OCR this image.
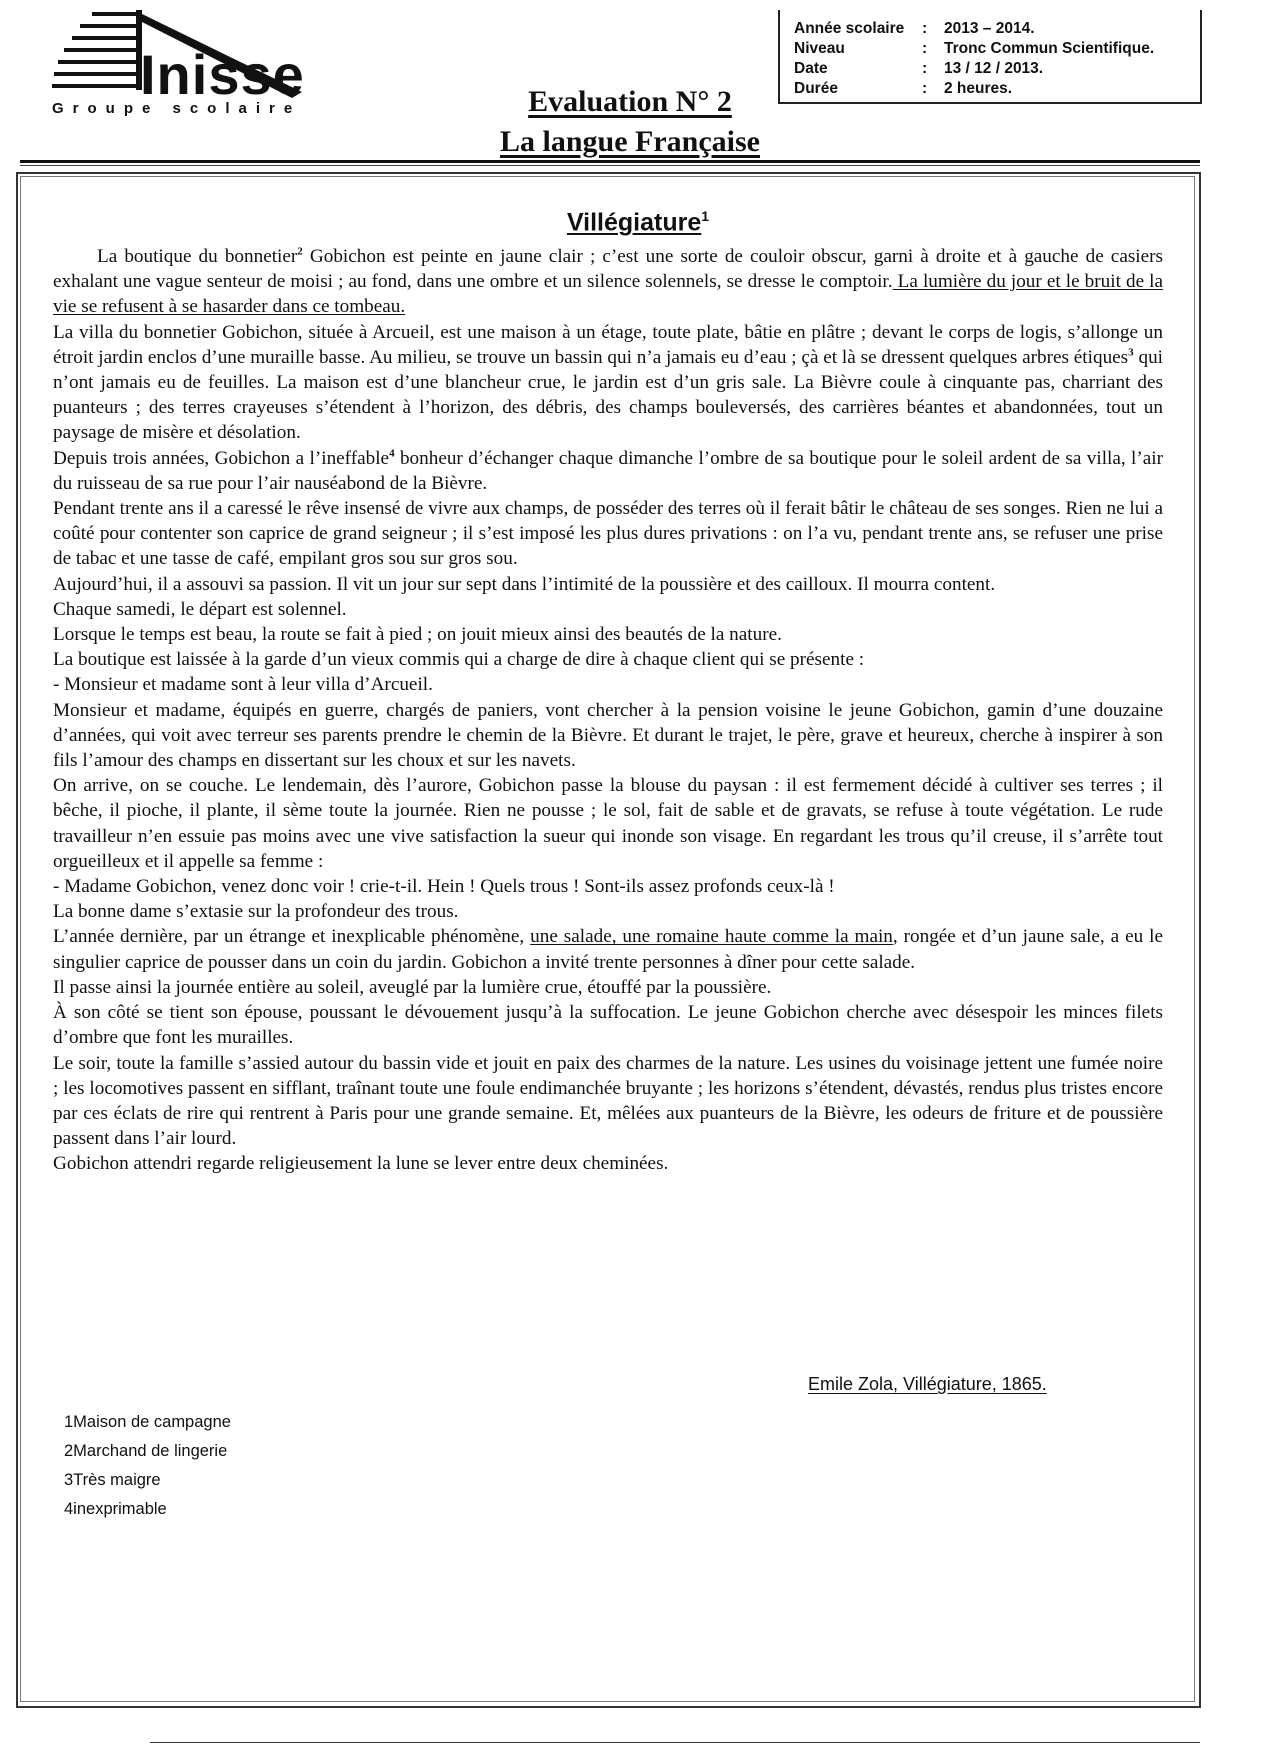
Inisse
Groupe scolaire	Evaluation N° 2
La langue Française
Année scolaire : 2013 – 2014.
Niveau	: Tronc Commun Scientifique.
Date	: 13 / 12 / 2013.
Durée	: 2 heures.
Villégiature$^1$

La boutique du bonnetier$^2$ Gobichon est peinte en jaune clair ; c’est une sorte de couloir obscur, garni à droite et à gauche de casiers exhalant une vague senteur de moisi ; au fond, dans une ombre et un silence solennels, se dresse le comptoir. La lumière du jour et le bruit de la vie se refusent à se hasarder dans ce tombeau.

La villa du bonnetier Gobichon, située à Arcueil, est une maison à un étage, toute plate, bâtie en plâtre ; devant le corps de logis, s’allonge un étroit jardin enclos d’une muraille basse. Au milieu, se trouve un bassin qui n’a jamais eu d’eau ; çà et là se dressent quelques arbres étiques$^3$ qui n’ont jamais eu de feuilles. La maison est d’une blancheur crue, le jardin est d’un gris sale. La Bièvre coule à cinquante pas, charriant des puanteurs ; des terres crayeuses s’étendent à l’horizon, des débris, des champs bouleversés, des carrières béantes et abandonnées, tout un paysage de misère et désolation.

Depuis trois années, Gobichon a l’ineffable$^4$ bonheur d’échanger chaque dimanche l’ombre de sa boutique pour le soleil ardent de sa villa, l’air du ruisseau de sa rue pour l’air nauséabond de la Bièvre.

Pendant trente ans il a caressé le rêve insensé de vivre aux champs, de posséder des terres où il ferait bâtir le château de ses songes. Rien ne lui a coûté pour contenter son caprice de grand seigneur ; il s’est imposé les plus dures privations : on l’a vu, pendant trente ans, se refuser une prise de tabac et une tasse de café, empilant gros sou sur gros sou.

Aujourd’hui, il a assouvi sa passion. Il vit un jour sur sept dans l’intimité de la poussière et des cailloux. Il mourra content.

Chaque samedi, le départ est solennel.

Lorsque le temps est beau, la route se fait à pied ; on jouit mieux ainsi des beautés de la nature.

La boutique est laissée à la garde d’un vieux commis qui a charge de dire à chaque client qui se présente :

- Monsieur et madame sont à leur villa d’Arcueil.

Monsieur et madame, équipés en guerre, chargés de paniers, vont chercher à la pension voisine le jeune Gobichon, gamin d’une douzaine d’années, qui voit avec terreur ses parents prendre le chemin de la Bièvre. Et durant le trajet, le père, grave et heureux, cherche à inspirer à son fils l’amour des champs en dissertant sur les choux et sur les navets.

On arrive, on se couche. Le lendemain, dès l’aurore, Gobichon passe la blouse du paysan : il est fermement décidé à cultiver ses terres ; il bêche, il pioche, il plante, il sème toute la journée. Rien ne pousse ; le sol, fait de sable et de gravats, se refuse à toute végétation. Le rude travailleur n’en essuie pas moins avec une vive satisfaction la sueur qui inonde son visage. En regardant les trous qu’il creuse, il s’arrête tout orgueilleux et il appelle sa femme :

- Madame Gobichon, venez donc voir ! crie-t-il. Hein ! Quels trous ! Sont-ils assez profonds ceux-là !

La bonne dame s’extasie sur la profondeur des trous.

L’année dernière, par un étrange et inexplicable phénomène, une salade, une romaine haute comme la main, rongée et d’un jaune sale, a eu le singulier caprice de pousser dans un coin du jardin. Gobichon a invité trente personnes à dîner pour cette salade.

Il passe ainsi la journée entière au soleil, aveuglé par la lumière crue, étouffé par la poussière.

À son côté se tient son épouse, poussant le dévouement jusqu’à la suffocation. Le jeune Gobichon cherche avec désespoir les minces filets d’ombre que font les murailles.

Le soir, toute la famille s’assied autour du bassin vide et jouit en paix des charmes de la nature. Les usines du voisinage jettent une fumée noire ; les locomotives passent en sifflant, traînant toute une foule endimanchée bruyante ; les horizons s’étendent, dévastés, rendus plus tristes encore par ces éclats de rire qui rentrent à Paris pour une grande semaine. Et, mêlées aux puanteurs de la Bièvre, les odeurs de friture et de poussière passent dans l’air lourd.

Gobichon attendri regarde religieusement la lune se lever entre deux cheminées.

Emile Zola, Villégiature, 1865.
1Maison de campagne
2Marchand de lingerie
3Très maigre
4inexprimable
